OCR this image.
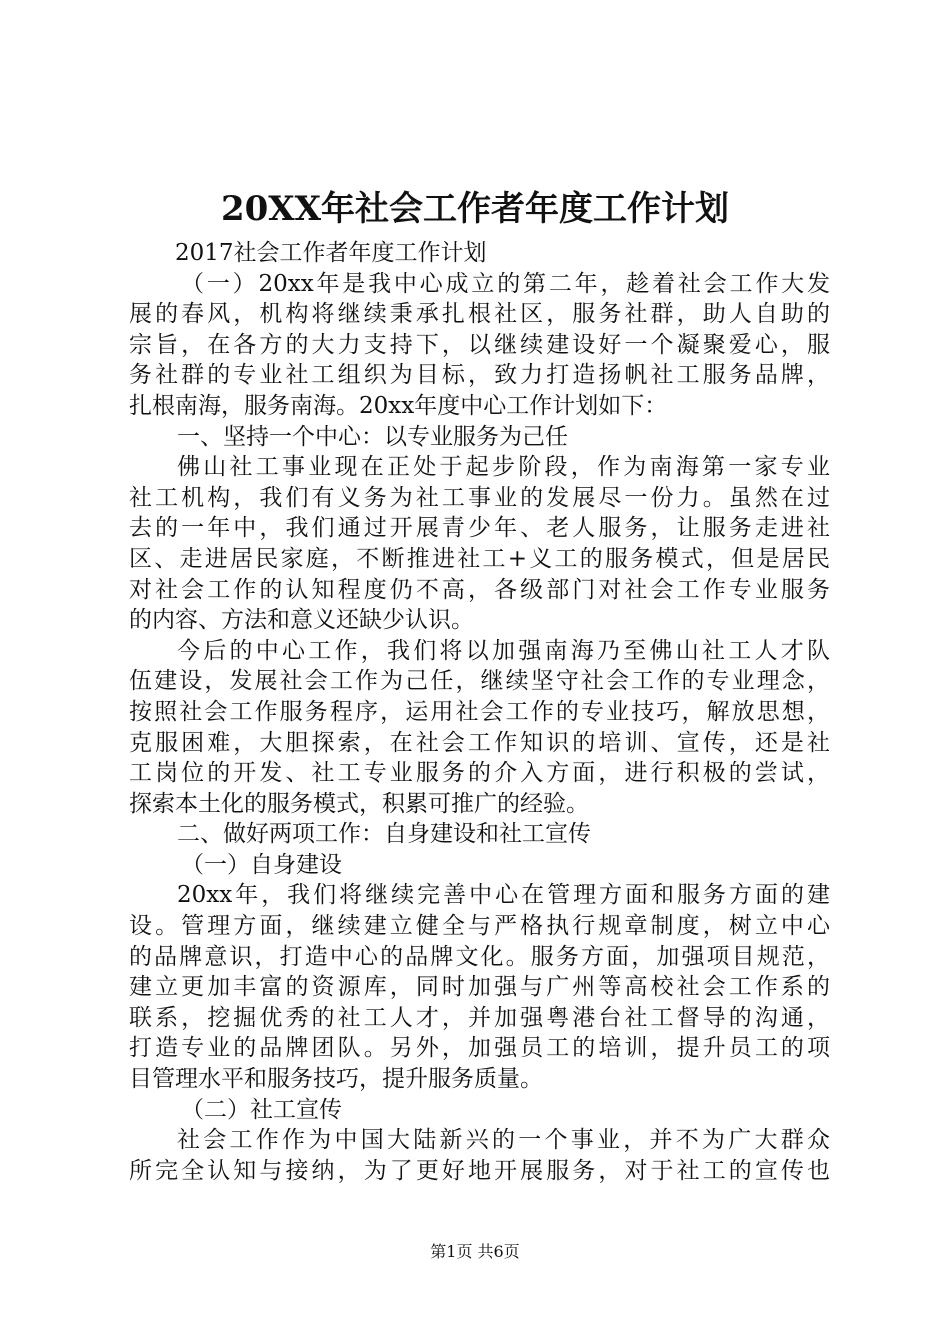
20XX年社会工作者年度工作计划

2017社会工作者年度工作计划

（一）20xx年是我中心成立的第二年，趁着社会工作大发

展的春风，机构将继续秉承扎根社区，服务社群，助人自助的

宗旨，在各方的大力支持下，以继续建设好一个凝聚爱心，服

务社群的专业社工组织为目标，致力打造扬帆社工服务品牌，

扎根南海，服务南海。20xx年度中心工作计划如下：

一、坚持一个中心：以专业服务为己任

佛山社工事业现在正处于起步阶段，作为南海第一家专业

社工机构，我们有义务为社工事业的发展尽一份力。虽然在过

去的一年中，我们通过开展青少年、老人服务，让服务走进社

区、走进居民家庭，不断推进社工+义工的服务模式，但是居民

对社会工作的认知程度仍不高，各级部门对社会工作专业服务

的内容、方法和意义还缺少认识。

今后的中心工作，我们将以加强南海乃至佛山社工人才队

伍建设，发展社会工作为己任，继续坚守社会工作的专业理念，

按照社会工作服务程序，运用社会工作的专业技巧，解放思想，

克服困难，大胆探索，在社会工作知识的培训、宣传，还是社

工岗位的开发、社工专业服务的介入方面，进行积极的尝试，

探索本土化的服务模式，积累可推广的经验。

二、做好两项工作：自身建设和社工宣传

（一）自身建设

20xx年，我们将继续完善中心在管理方面和服务方面的建

设。管理方面，继续建立健全与严格执行规章制度，树立中心

的品牌意识，打造中心的品牌文化。服务方面，加强项目规范，

建立更加丰富的资源库，同时加强与广州等高校社会工作系的

联系，挖掘优秀的社工人才，并加强粤港台社工督导的沟通，

打造专业的品牌团队。另外，加强员工的培训，提升员工的项

目管理水平和服务技巧，提升服务质量。

（二）社工宣传

社会工作作为中国大陆新兴的一个事业，并不为广大群众

所完全认知与接纳，为了更好地开展服务，对于社工的宣传也

第1页 共6页
